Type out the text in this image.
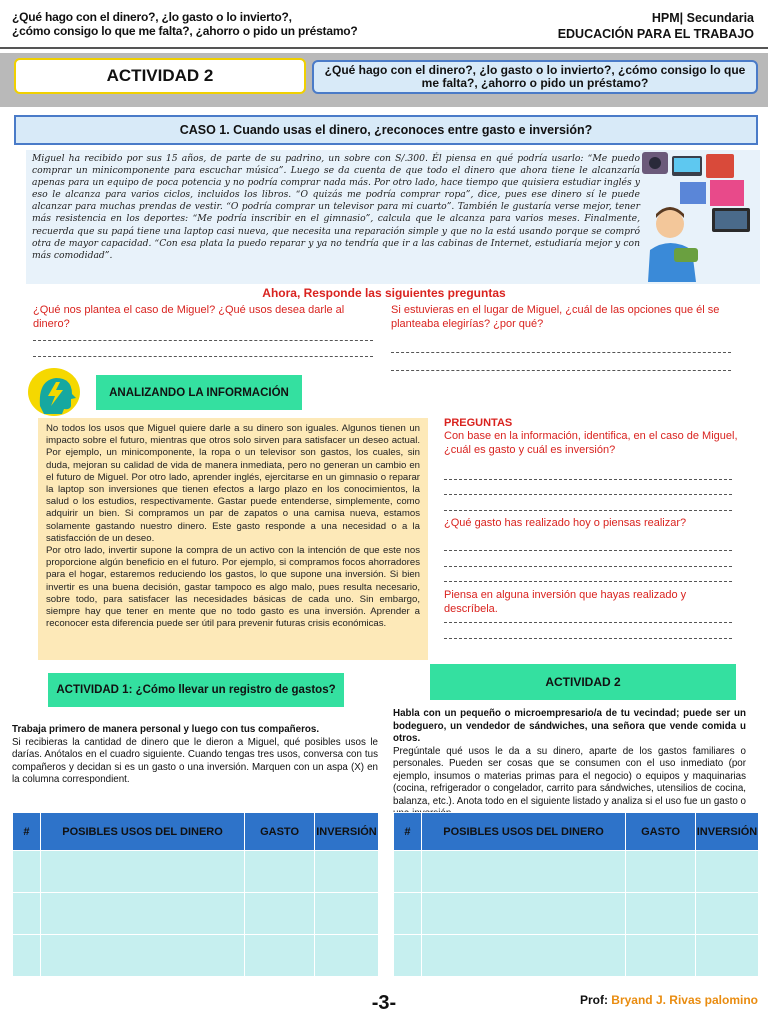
¿Qué hago con el dinero?, ¿lo gasto o lo invierto?,
¿cómo consigo lo que me falta?, ¿ahorro o pido un préstamo?
HPM| Secundaria
EDUCACIÓN PARA EL TRABAJO
ACTIVIDAD 2	¿Qué hago con el dinero?, ¿lo gasto o lo invierto?, ¿cómo consigo lo que me falta?, ¿ahorro o pido un préstamo?
CASO 1. Cuando usas el dinero, ¿reconoces entre gasto e inversión?
Miguel ha recibido por sus 15 años, de parte de su padrino, un sobre con S/.300. Él piensa en qué podría usarlo: “Me puedo comprar un minicomponente para escuchar música”. Luego se da cuenta de que todo el dinero que ahora tiene le alcanzaría apenas para un equipo de poca potencia y no podría comprar nada más. Por otro lado, hace tiempo que quisiera estudiar inglés y eso le alcanza para varios ciclos, incluidos los libros. “O quizás me podría comprar ropa”, dice, pues ese dinero sí le puede alcanzar para muchas prendas de vestir. “O podría comprar un televisor para mi cuarto”. También le gustaría verse mejor, tener más resistencia en los deportes: “Me podría inscribir en el gimnasio”, calcula que le alcanza para varios meses. Finalmente, recuerda que su papá tiene una laptop casi nueva, que necesita una reparación simple y que no la está usando porque se compró otra de mayor capacidad. “Con esa plata la puedo reparar y ya no tendría que ir a las cabinas de Internet, estudiaría mejor y con más comodidad”.
Ahora, Responde las siguientes preguntas
¿Qué nos plantea el caso de Miguel? ¿Qué usos desea darle al dinero?
Si estuvieras en el lugar de Miguel, ¿cuál de las opciones que él se planteaba elegirías? ¿por qué?
ANALIZANDO LA INFORMACIÓN
No todos los usos que Miguel quiere darle a su dinero son iguales. Algunos tienen un impacto sobre el futuro, mientras que otros solo sirven para satisfacer un deseo actual. Por ejemplo, un minicomponente, la ropa o un televisor son gastos, los cuales, sin duda, mejoran su calidad de vida de manera inmediata, pero no generan un cambio en el futuro de Miguel. Por otro lado, aprender inglés, ejercitarse en un gimnasio o reparar la laptop son inversiones que tienen efectos a largo plazo en los conocimientos, la salud o los estudios, respectivamente. Gastar puede entenderse, simplemente, como adquirir un bien. Si compramos un par de zapatos o una camisa nueva, estamos solamente gastando nuestro dinero. Este gasto responde a una necesidad o a la satisfacción de un deseo.
Por otro lado, invertir supone la compra de un activo con la intención de que este nos proporcione algún beneficio en el futuro. Por ejemplo, si compramos focos ahorradores para el hogar, estaremos reduciendo los gastos, lo que supone una inversión. Si bien invertir es una buena decisión, gastar tampoco es algo malo, pues resulta necesario, sobre todo, para satisfacer las necesidades básicas de cada uno. Sin embargo, siempre hay que tener en mente que no todo gasto es una inversión. Aprender a reconocer esta diferencia puede ser útil para prevenir futuras crisis económicas.
PREGUNTAS
Con base en la información, identifica, en el caso de Miguel, ¿cuál es gasto y cuál es inversión?
¿Qué gasto has realizado hoy o piensas realizar?
Piensa en alguna inversión que hayas realizado y descríbela.
ACTIVIDAD 1: ¿Cómo llevar un registro de gastos?
ACTIVIDAD 2
Trabaja primero de manera personal y luego con tus compañeros.
Si recibieras la cantidad de dinero que le dieron a Miguel, qué posibles usos le darías. Anótalos en el cuadro siguiente. Cuando tengas tres usos, conversa con tus compañeros y decidan si es un gasto o una inversión. Marquen con un aspa (X) en la columna correspondient.
Habla con un pequeño o microempresario/a de tu vecindad; puede ser un bodeguero, un vendedor de sándwiches, una señora que vende comida u otros.
Pregúntale qué usos le da a su dinero, aparte de los gastos familiares o personales. Pueden ser cosas que se consumen con el uso inmediato (por ejemplo, insumos o materias primas para el negocio) o equipos y maquinarias (cocina, refrigerador o congelador, carrito para sándwiches, utensilios de cocina, balanza, etc.). Anota todo en el siguiente listado y analiza si el uso fue un gasto o
#	POSIBLES USOS DEL DINERO	GASTO	INVERSIÓN

				#	POSIBLES USOS DEL DINERO	GASTO	INVERSIÓN

-3-	Prof: Bryand J. Rivas palomino
